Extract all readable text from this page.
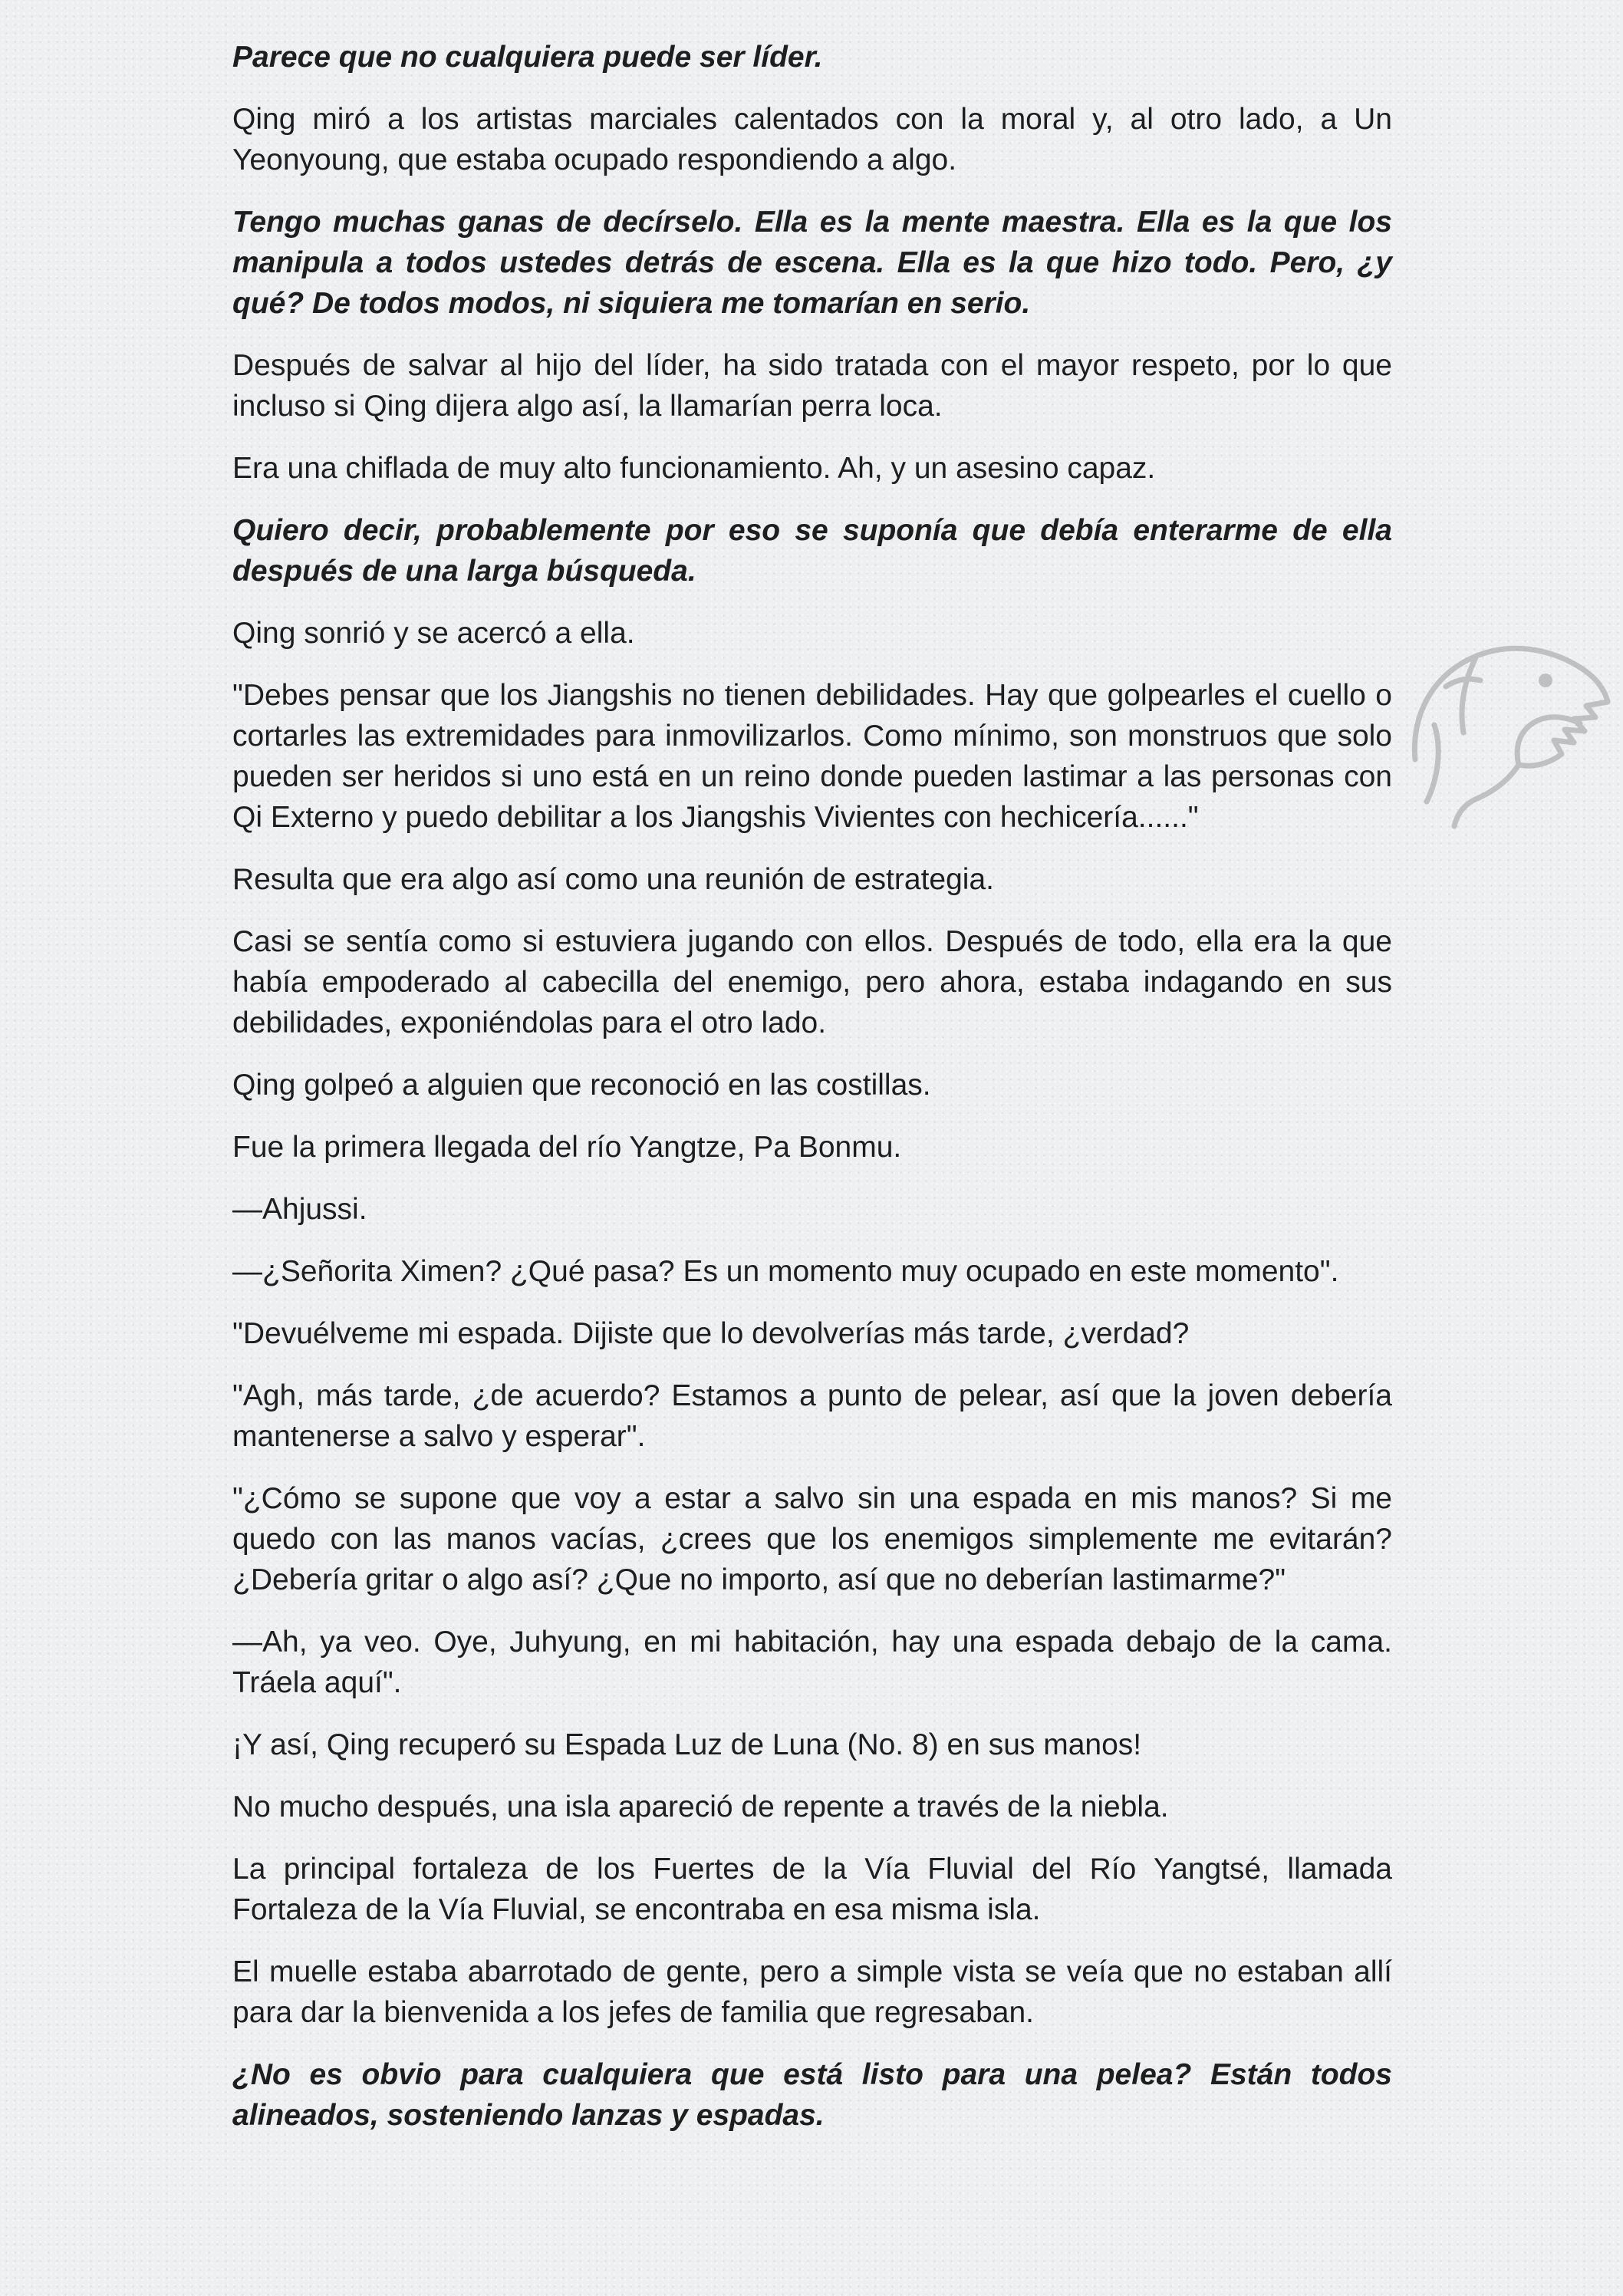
Parece que no cualquiera puede ser líder.

Qing miró a los artistas marciales calentados con la moral y, al otro lado, a Un Yeonyoung, que estaba ocupado respondiendo a algo.

Tengo muchas ganas de decírselo. Ella es la mente maestra. Ella es la que los manipula a todos ustedes detrás de escena. Ella es la que hizo todo. Pero, ¿y qué? De todos modos, ni siquiera me tomarían en serio.

Después de salvar al hijo del líder, ha sido tratada con el mayor respeto, por lo que incluso si Qing dijera algo así, la llamarían perra loca.

Era una chiflada de muy alto funcionamiento. Ah, y un asesino capaz.

Quiero decir, probablemente por eso se suponía que debía enterarme de ella después de una larga búsqueda.

Qing sonrió y se acercó a ella.

"Debes pensar que los Jiangshis no tienen debilidades. Hay que golpearles el cuello o cortarles las extremidades para inmovilizarlos. Como mínimo, son monstruos que solo pueden ser heridos si uno está en un reino donde pueden lastimar a las personas con Qi Externo y puedo debilitar a los Jiangshis Vivientes con hechicería......"

Resulta que era algo así como una reunión de estrategia.

Casi se sentía como si estuviera jugando con ellos. Después de todo, ella era la que había empoderado al cabecilla del enemigo, pero ahora, estaba indagando en sus debilidades, exponiéndolas para el otro lado.

Qing golpeó a alguien que reconoció en las costillas.

Fue la primera llegada del río Yangtze, Pa Bonmu.

—Ahjussi.

—¿Señorita Ximen? ¿Qué pasa? Es un momento muy ocupado en este momento".

"Devuélveme mi espada. Dijiste que lo devolverías más tarde, ¿verdad?

"Agh, más tarde, ¿de acuerdo? Estamos a punto de pelear, así que la joven debería mantenerse a salvo y esperar".

"¿Cómo se supone que voy a estar a salvo sin una espada en mis manos? Si me quedo con las manos vacías, ¿crees que los enemigos simplemente me evitarán? ¿Debería gritar o algo así? ¿Que no importo, así que no deberían lastimarme?"

—Ah, ya veo. Oye, Juhyung, en mi habitación, hay una espada debajo de la cama. Tráela aquí".

¡Y así, Qing recuperó su Espada Luz de Luna (No. 8) en sus manos!

No mucho después, una isla apareció de repente a través de la niebla.

La principal fortaleza de los Fuertes de la Vía Fluvial del Río Yangtsé, llamada Fortaleza de la Vía Fluvial, se encontraba en esa misma isla.

El muelle estaba abarrotado de gente, pero a simple vista se veía que no estaban allí para dar la bienvenida a los jefes de familia que regresaban.

¿No es obvio para cualquiera que está listo para una pelea? Están todos alineados, sosteniendo lanzas y espadas.
